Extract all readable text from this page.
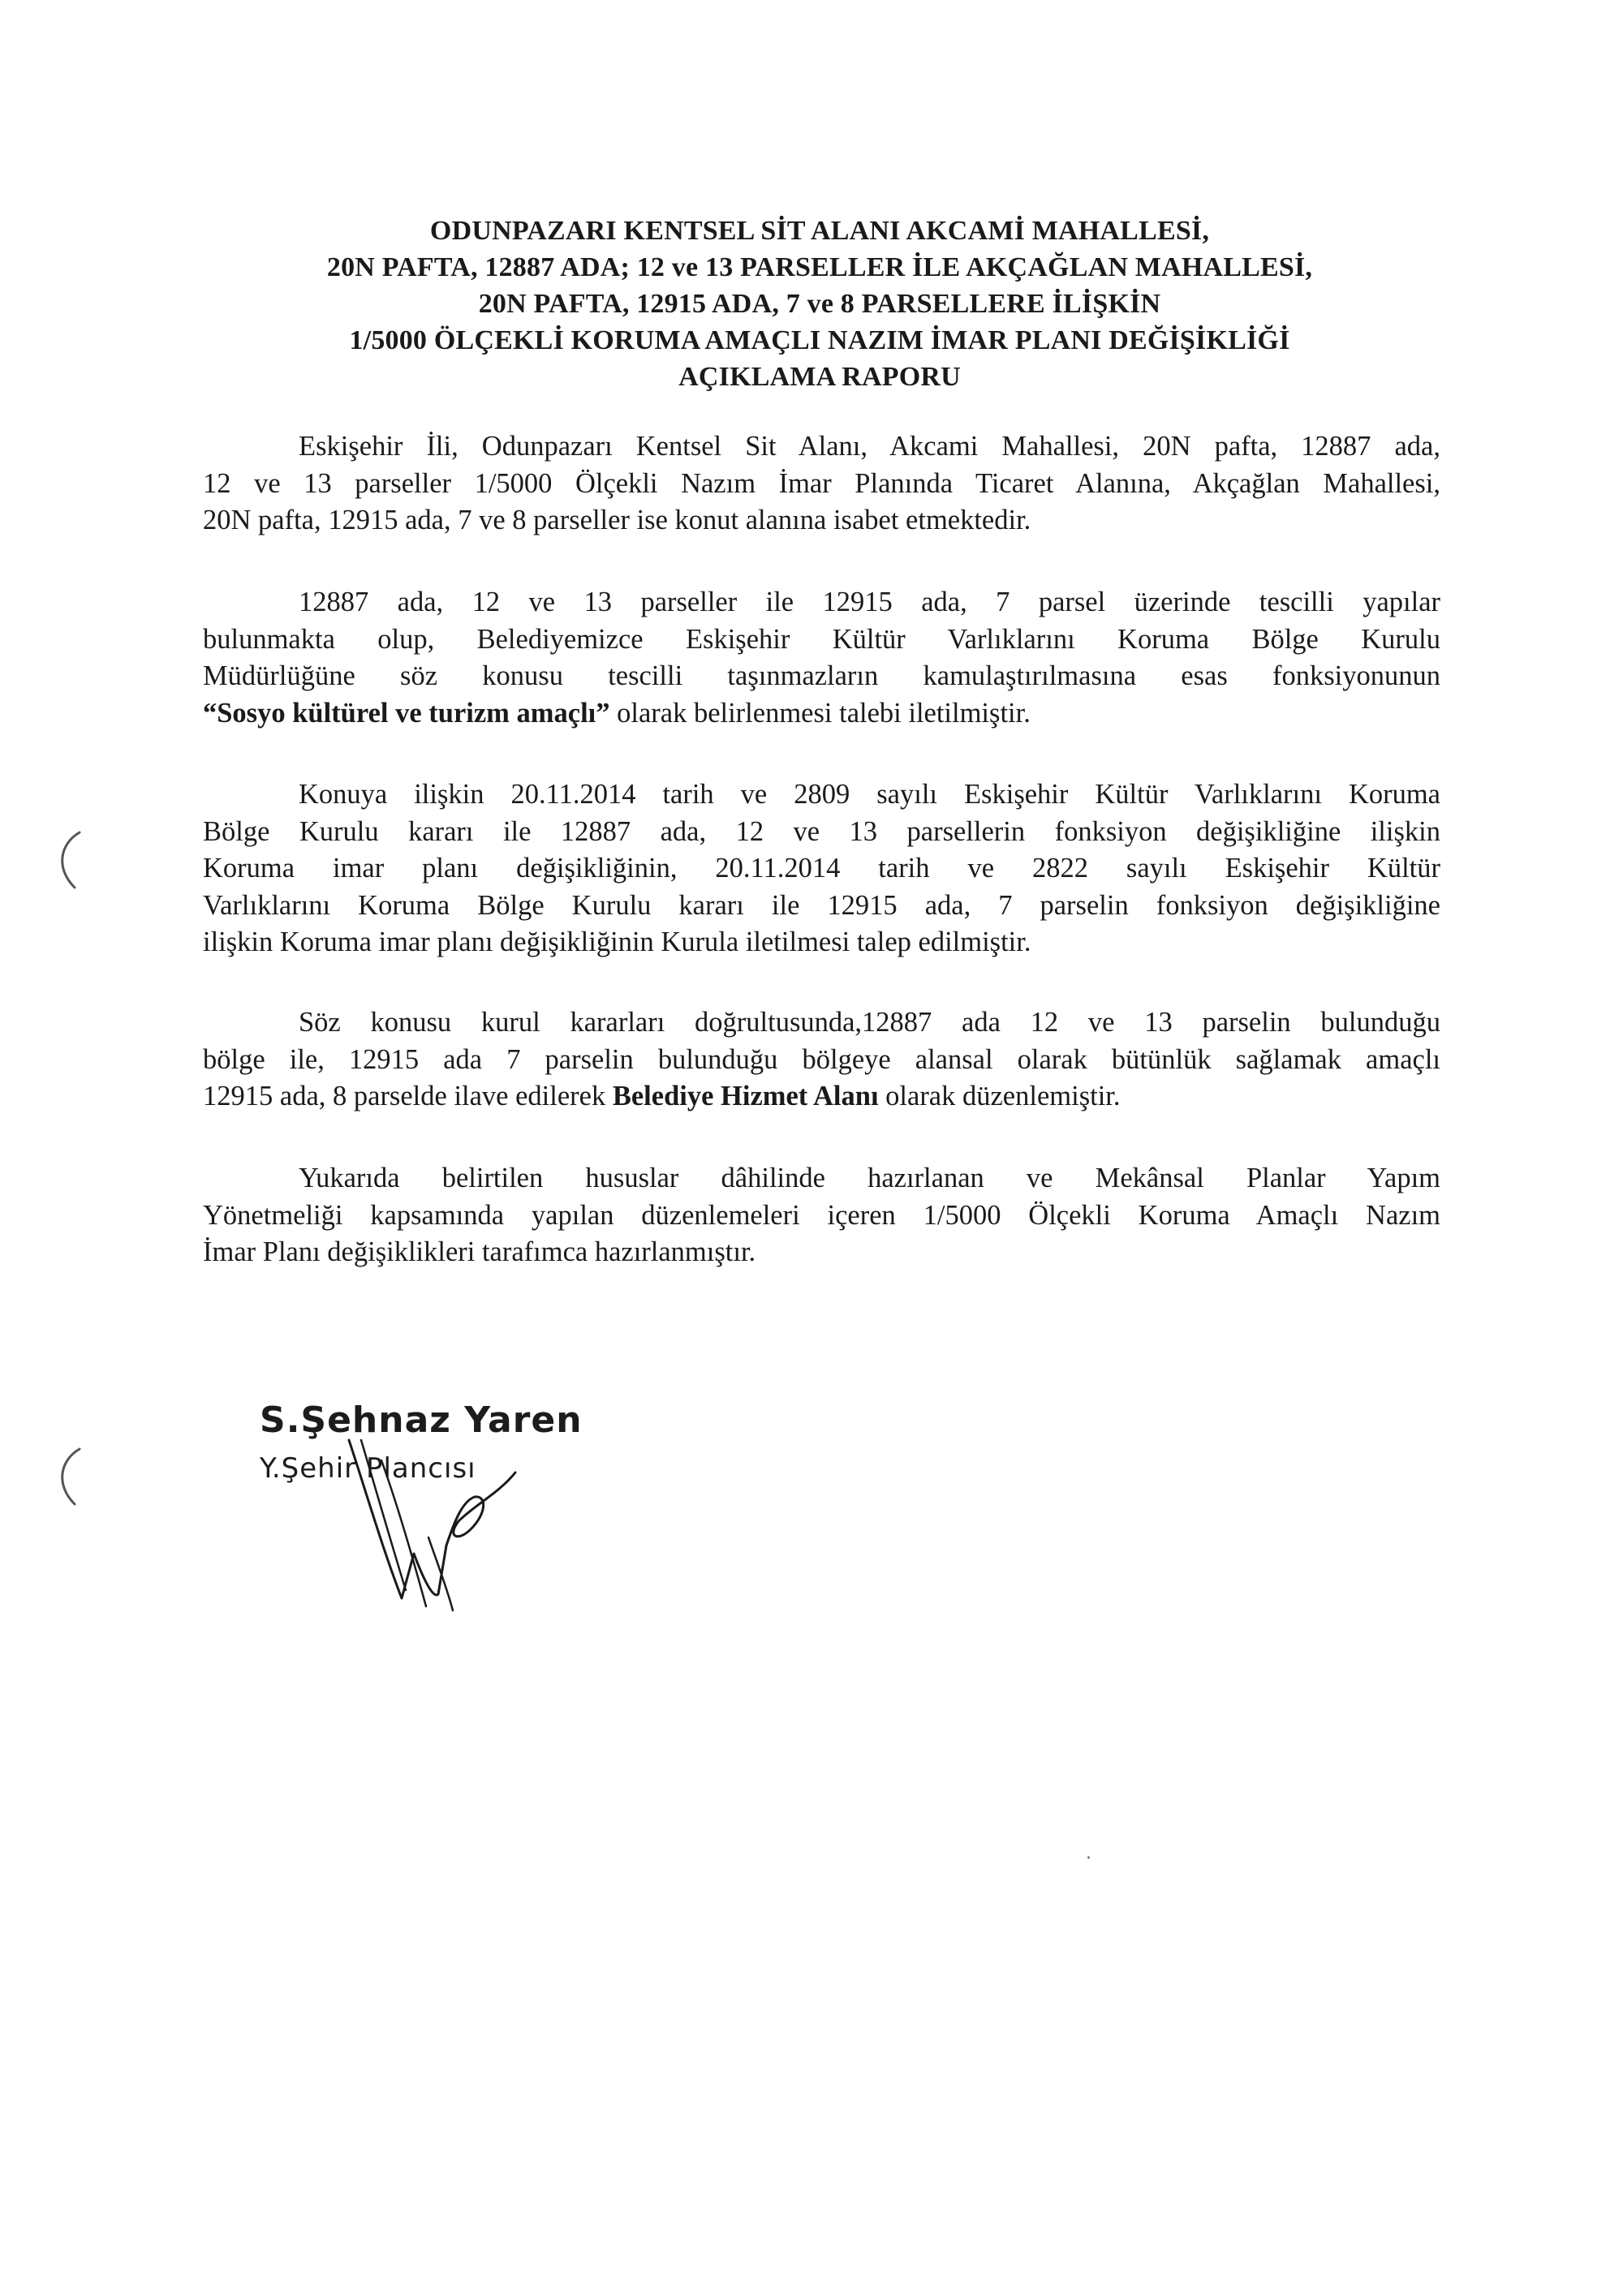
ODUNPAZARI KENTSEL SİT ALANI AKCAMİ MAHALLESİ,
20N PAFTA, 12887 ADA; 12 ve 13 PARSELLER İLE AKÇAĞLAN MAHALLESİ,
20N PAFTA, 12915 ADA, 7 ve 8 PARSELLERE İLİŞKİN
1/5000 ÖLÇEKLİ KORUMA AMAÇLI NAZIM İMAR PLANI DEĞİŞİKLİĞİ
AÇIKLAMA RAPORU
Eskişehir İli, Odunpazarı Kentsel Sit Alanı, Akcami Mahallesi, 20N pafta, 12887 ada,
12 ve 13 parseller 1/5000 Ölçekli Nazım İmar Planında Ticaret Alanına, Akçağlan Mahallesi,
20N pafta, 12915 ada, 7 ve 8 parseller ise konut alanına isabet etmektedir.
12887 ada, 12 ve 13 parseller ile 12915 ada, 7 parsel üzerinde tescilli yapılar
bulunmakta olup, Belediyemizce Eskişehir Kültür Varlıklarını Koruma Bölge Kurulu
Müdürlüğüne söz konusu tescilli taşınmazların kamulaştırılmasına esas fonksiyonunun
“Sosyo kültürel ve turizm amaçlı” olarak belirlenmesi talebi iletilmiştir.
Konuya ilişkin 20.11.2014 tarih ve 2809 sayılı Eskişehir Kültür Varlıklarını Koruma
Bölge Kurulu kararı ile 12887 ada, 12 ve 13 parsellerin fonksiyon değişikliğine ilişkin
Koruma imar planı değişikliğinin, 20.11.2014 tarih ve 2822 sayılı Eskişehir Kültür
Varlıklarını Koruma Bölge Kurulu kararı ile 12915 ada, 7 parselin fonksiyon değişikliğine
ilişkin Koruma imar planı değişikliğinin Kurula iletilmesi talep edilmiştir.
Söz konusu kurul kararları doğrultusunda,12887 ada 12 ve 13 parselin bulunduğu
bölge ile, 12915 ada 7 parselin bulunduğu bölgeye alansal olarak bütünlük sağlamak amaçlı
12915 ada, 8 parselde ilave edilerek Belediye Hizmet Alanı olarak düzenlemiştir.
Yukarıda belirtilen hususlar dâhilinde hazırlanan ve Mekânsal Planlar Yapım
Yönetmeliği kapsamında yapılan düzenlemeleri içeren 1/5000 Ölçekli Koruma Amaçlı Nazım
İmar Planı değişiklikleri tarafımca hazırlanmıştır.
S.Şehnaz Yaren
Y.Şehir Plancısı
